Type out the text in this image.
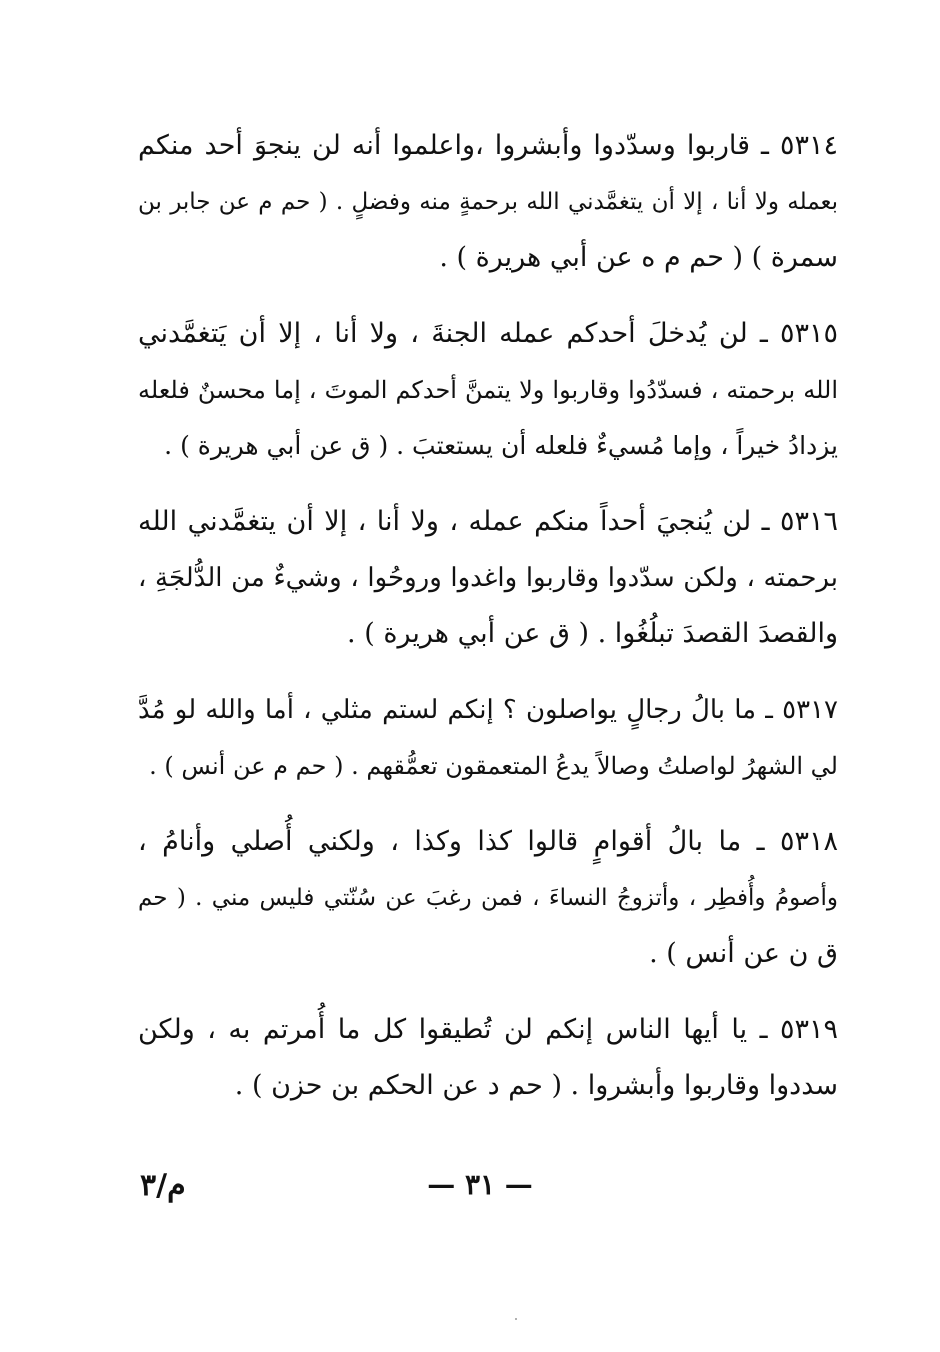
٥٣١٤ ـ قاربوا وسدّدوا وأبشروا ،واعلموا أنه لن ينجوَ أحد منكم
بعمله ولا أنا ، إلا أن يتغمَّدني الله برحمةٍ منه وفضلٍ . ( حم م عن جابر بن
سمرة ) ( حم م ه عن أبي هريرة ) .
٥٣١٥ ـ لن يُدخلَ أحدكم عمله الجنةَ ، ولا أنا ، إلا أن يَتغمَّدني
الله برحمته ، فسدّدُوا وقاربوا ولا يتمنَّ أحدكم الموتَ ، إما محسنٌ فلعله
يزدادُ خيراً ، وإما مُسيءٌ فلعله أن يستعتبَ . ( ق عن أبي هريرة ) .
٥٣١٦ ـ لن يُنجيَ أحداً منكم عمله ، ولا أنا ، إلا أن يتغمَّدني الله
برحمته ، ولكن سدّدوا وقاربوا واغدوا وروحُوا ، وشيءٌ من الدُّلجَةِ ،
والقصدَ القصدَ تبلُغُوا . ( ق عن أبي هريرة ) .
٥٣١٧ ـ ما بالُ رجالٍ يواصلون ؟ إنكم لستم مثلي ، أما والله لو مُدَّ
لي الشهرُ لواصلتُ وصالاً يدعُ المتعمقون تعمُّقهم . ( حم م عن أنس ) .
٥٣١٨ ـ ما بالُ أقوامٍ قالوا كذا وكذا ، ولكني أُصلي وأنامُ ،
وأصومُ وأُفطِر ، وأتزوجُ النساءَ ، فمن رغبَ عن سُنّتي فليس مني . ( حم
ق ن عن أنس ) .
٥٣١٩ ـ يا أيها الناس إنكم لن تُطيقوا كل ما أُمرتم به ، ولكن
سددوا وقاربوا وأبشروا . ( حم د عن الحكم بن حزن ) .
م/٣	— ٣١ —
